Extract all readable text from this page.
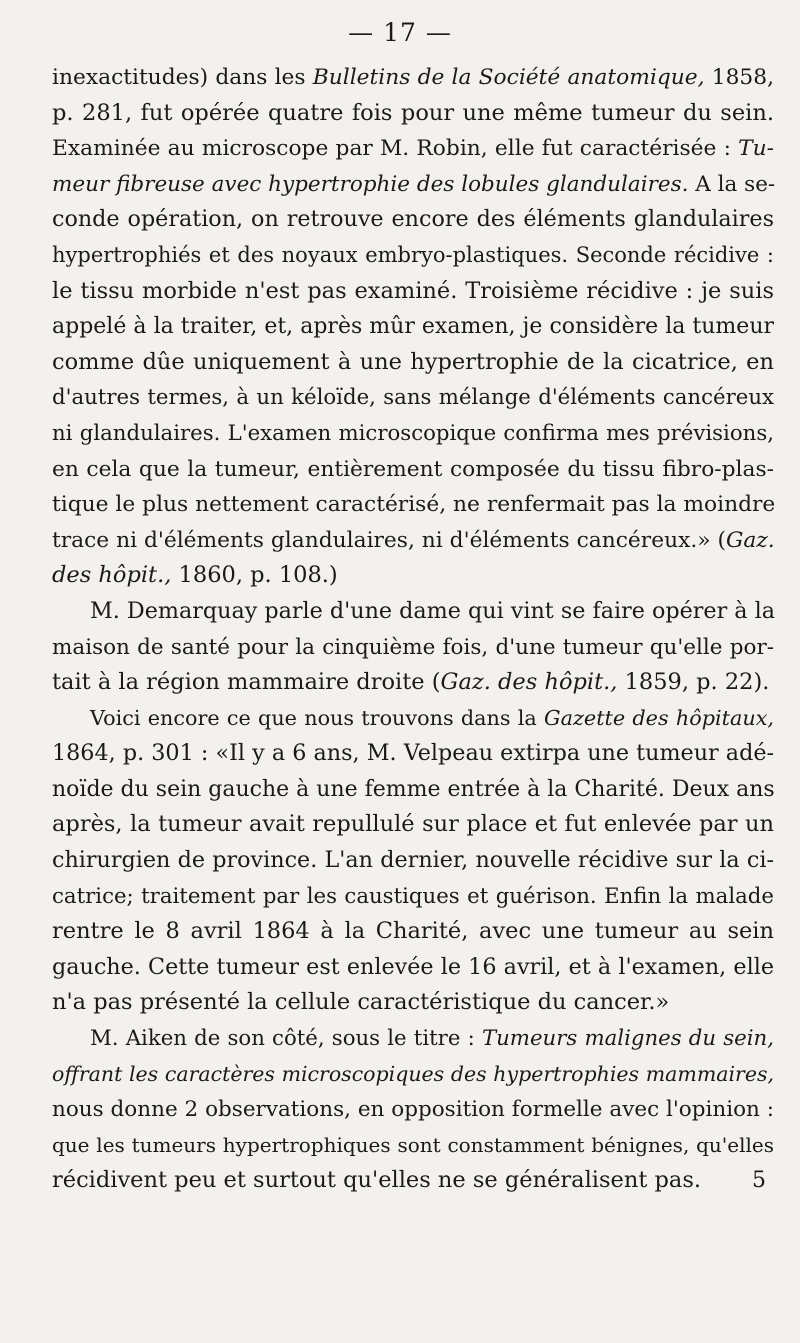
— 17 —
inexactitudes) dans les Bulletins de la Société anatomique, 1858,
p. 281, fut opérée quatre fois pour une même tumeur du sein.
Examinée au microscope par M. Robin, elle fut caractérisée : Tu-
meur fibreuse avec hypertrophie des lobules glandulaires. A la se-
conde opération, on retrouve encore des éléments glandulaires
hypertrophiés et des noyaux embryo-plastiques. Seconde récidive :
le tissu morbide n'est pas examiné. Troisième récidive : je suis
appelé à la traiter, et, après mûr examen, je considère la tumeur
comme dûe uniquement à une hypertrophie de la cicatrice, en
d'autres termes, à un kéloïde, sans mélange d'éléments cancéreux
ni glandulaires. L'examen microscopique confirma mes prévisions,
en cela que la tumeur, entièrement composée du tissu fibro-plas-
tique le plus nettement caractérisé, ne renfermait pas la moindre
trace ni d'éléments glandulaires, ni d'éléments cancéreux.» (Gaz.
des hôpit., 1860, p. 108.)
M. Demarquay parle d'une dame qui vint se faire opérer à la
maison de santé pour la cinquième fois, d'une tumeur qu'elle por-
tait à la région mammaire droite (Gaz. des hôpit., 1859, p. 22).
Voici encore ce que nous trouvons dans la Gazette des hôpitaux,
1864, p. 301 : «Il y a 6 ans, M. Velpeau extirpa une tumeur adé-
noïde du sein gauche à une femme entrée à la Charité. Deux ans
après, la tumeur avait repullulé sur place et fut enlevée par un
chirurgien de province. L'an dernier, nouvelle récidive sur la ci-
catrice; traitement par les caustiques et guérison. Enfin la malade
rentre le 8 avril 1864 à la Charité, avec une tumeur au sein
gauche. Cette tumeur est enlevée le 16 avril, et à l'examen, elle
n'a pas présenté la cellule caractéristique du cancer.»
M. Aiken de son côté, sous le titre : Tumeurs malignes du sein,
offrant les caractères microscopiques des hypertrophies mammaires,
nous donne 2 observations, en opposition formelle avec l'opinion :
que les tumeurs hypertrophiques sont constamment bénignes, qu'elles
récidivent peu et surtout qu'elles ne se généralisent pas.	5
